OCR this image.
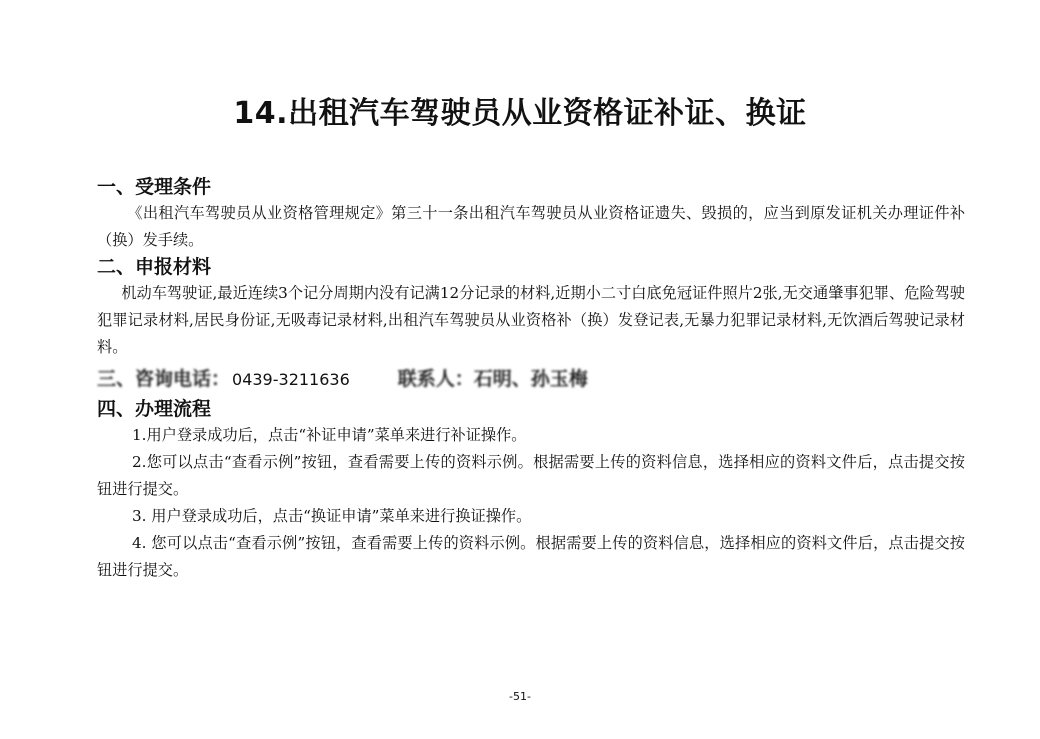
14.出租汽车驾驶员从业资格证补证、换证
一、受理条件

《出租汽车驾驶员从业资格管理规定》第三十一条出租汽车驾驶员从业资格证遗失、毁损的，应当到原发证机关办理证件补（换）发手续。

二、申报材料

机动车驾驶证,最近连续3个记分周期内没有记满12分记录的材料,近期小二寸白底免冠证件照片2张,无交通肇事犯罪、危险驾驶犯罪记录材料,居民身份证,无吸毒记录材料,出租汽车驾驶员从业资格补（换）发登记表,无暴力犯罪记录材料,无饮酒后驾驶记录材料。

三、咨询电话： 0439-3211636	联系人：石明、孙玉梅
四、办理流程

1.用户登录成功后，点击“补证申请”菜单来进行补证操作。

2.您可以点击“查看示例”按钮，查看需要上传的资料示例。根据需要上传的资料信息，选择相应的资料文件后，点击提交按钮进行提交。

3. 用户登录成功后，点击“换证申请”菜单来进行换证操作。

4. 您可以点击“查看示例”按钮，查看需要上传的资料示例。根据需要上传的资料信息，选择相应的资料文件后，点击提交按钮进行提交。

-51-
